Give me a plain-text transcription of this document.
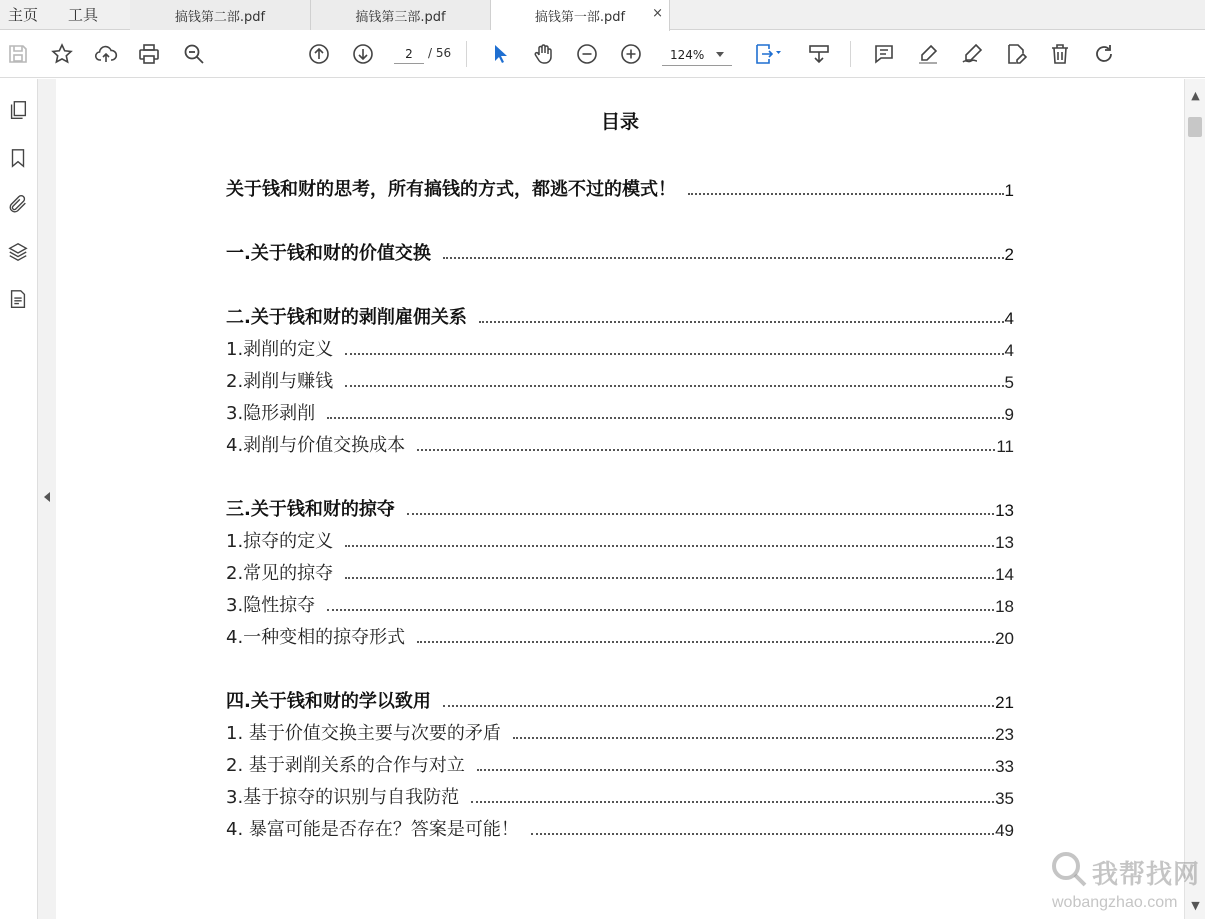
主页 工具	搞钱第二部.pdf	搞钱第三部.pdf	搞钱第一部.pdf ×
2	/ 56	124%
目录
关于钱和财的思考，所有搞钱的方式，都逃不过的模式！	1
一.关于钱和财的价值交换	2
二.关于钱和财的剥削雇佣关系	4
1.剥削的定义	4
2.剥削与赚钱	5
3.隐形剥削	9
4.剥削与价值交换成本	11
三.关于钱和财的掠夺	13
1.掠夺的定义	13
2.常见的掠夺	14
3.隐性掠夺	18
4.一种变相的掠夺形式	20
四.关于钱和财的学以致用	21
1. 基于价值交换主要与次要的矛盾	23
2. 基于剥削关系的合作与对立	33
3.基于掠夺的识别与自我防范	35
4. 暴富可能是否存在？答案是可能！	49
▲
▼
我帮找网
wobangzhao.com
